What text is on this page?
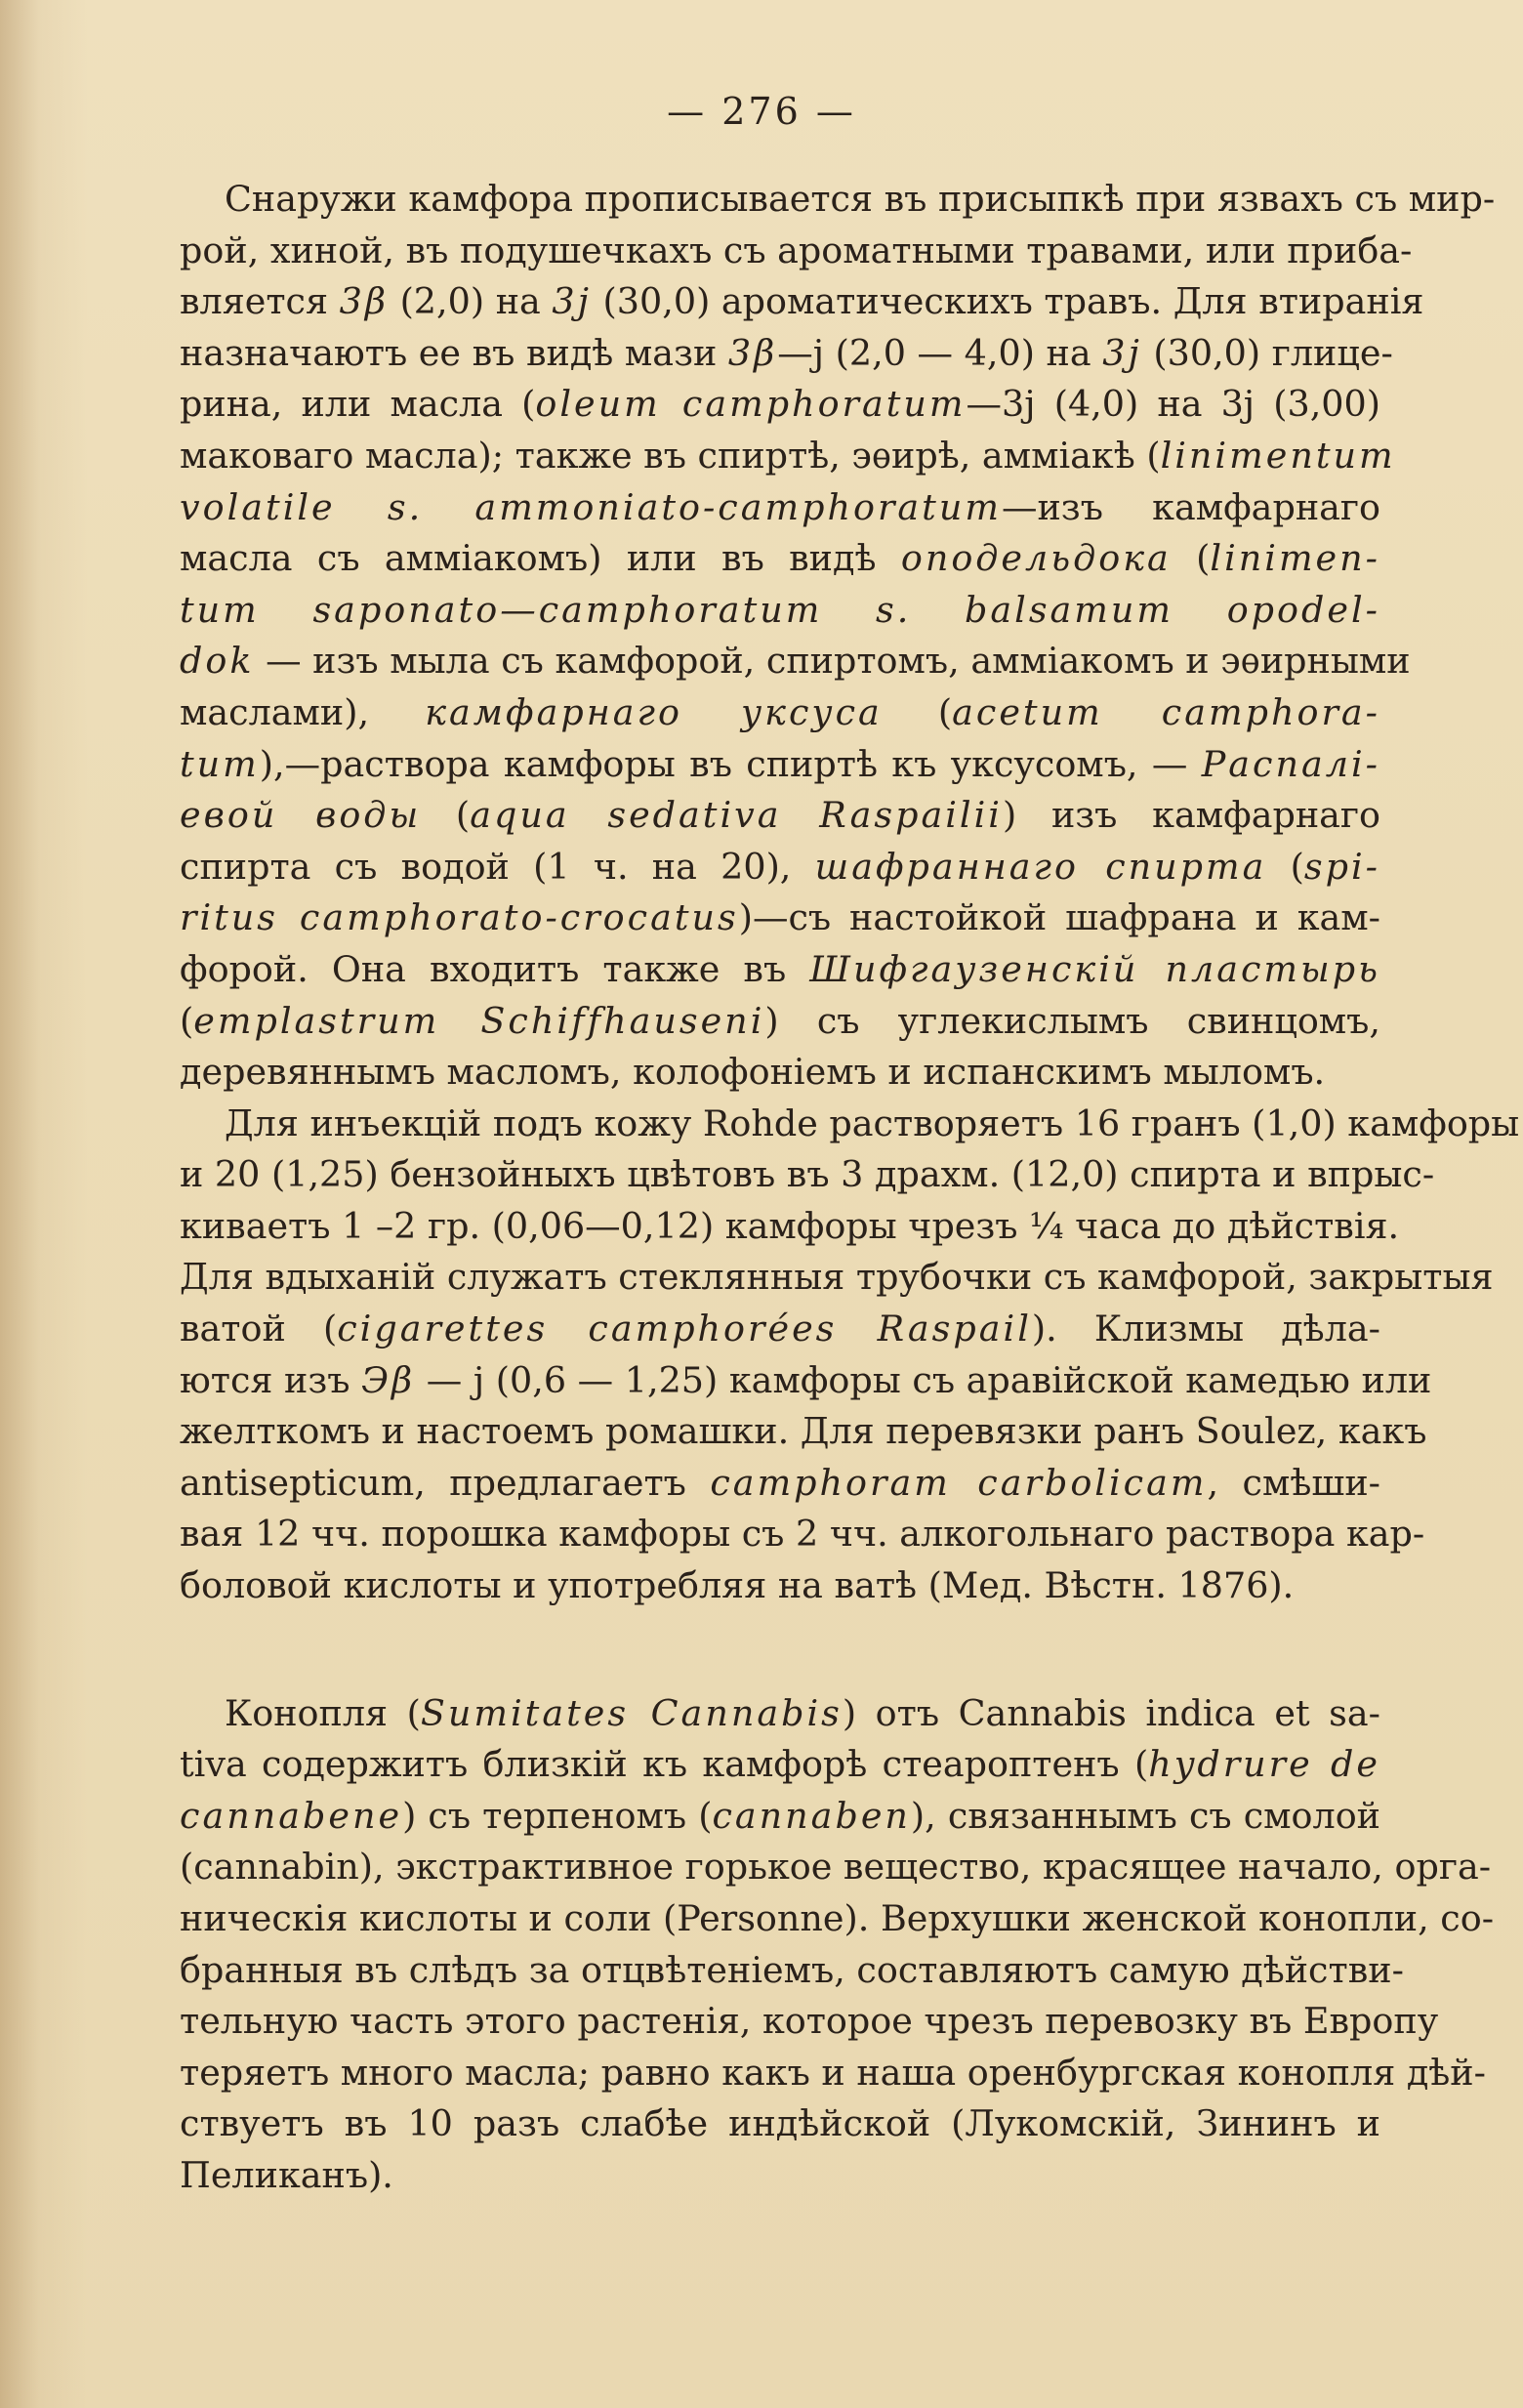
— 276 —
Снаружи камфора прописывается въ присыпкѣ при язвахъ съ мир-
рой, хиной, въ подушечкахъ съ ароматными травами, или приба-
вляется 3β (2,0) на 3j (30,0) ароматическихъ травъ. Для втиранія
назначаютъ ее въ видѣ мази 3β—j (2,0 — 4,0) на 3j (30,0) глице-
рина, или масла (oleum camphoratum—3j (4,0) на 3j (3,00)
маковаго масла); также въ спиртѣ, эѳирѣ, амміакѣ (linimentum
volatile s. ammoniato-camphoratum—изъ камфарнаго
масла съ амміакомъ) или въ видѣ оподельдока (linimen-
tum saponato—camphoratum s. balsamum opodel-
dok — изъ мыла съ камфорой, спиртомъ, амміакомъ и эѳирными
маслами), камфарнаго уксуса (acetum camphora-
tum),—раствора камфоры въ спиртѣ къ уксусомъ, — Распалі-
евой воды (aqua sedativa Raspailii) изъ камфарнаго
спирта съ водой (1 ч. на 20), шафраннаго спирта (spi-
ritus camphorato-crocatus)—съ настойкой шафрана и кам-
форой. Она входитъ также въ Шифгаузенскій пластырь
(emplastrum Schiffhauseni) съ углекислымъ свинцомъ,
деревяннымъ масломъ, колофоніемъ и испанскимъ мыломъ.
Для инъекцій подъ кожу Rohde растворяетъ 16 гранъ (1,0) камфоры
и 20 (1,25) бензойныхъ цвѣтовъ въ 3 драхм. (12,0) спирта и впрыс-
киваетъ 1 –2 гр. (0,06—0,12) камфоры чрезъ ¼ часа до дѣйствія.
Для вдыханій служатъ стеклянныя трубочки съ камфорой, закрытыя
ватой (cigarettes camphorées Raspail). Клизмы дѣла-
ются изъ Эβ — j (0,6 — 1,25) камфоры съ аравійской камедью или
желткомъ и настоемъ ромашки. Для перевязки ранъ Soulez, какъ
antisepticum, предлагаетъ camphoram carbolicam, смѣши-
вая 12 чч. порошка камфоры съ 2 чч. алкогольнаго раствора кар-
боловой кислоты и употребляя на ватѣ (Мед. Вѣстн. 1876).
Конопля (Sumitates Cannabis) отъ Cannabis indica et sa-
tiva содержитъ близкій къ камфорѣ стеароптенъ (hydrure de
cannabene) съ терпеномъ (cannaben), связаннымъ съ смолой
(cannabin), экстрактивное горькое вещество, красящее начало, орга-
ническія кислоты и соли (Personne). Верхушки женской конопли, со-
бранныя въ слѣдъ за отцвѣтеніемъ, составляютъ самую дѣйстви-
тельную часть этого растенія, которое чрезъ перевозку въ Европу
теряетъ много масла; равно какъ и наша оренбургская конопля дѣй-
ствуетъ въ 10 разъ слабѣе индѣйской (Лукомскій, Зининъ и
Пеликанъ).
